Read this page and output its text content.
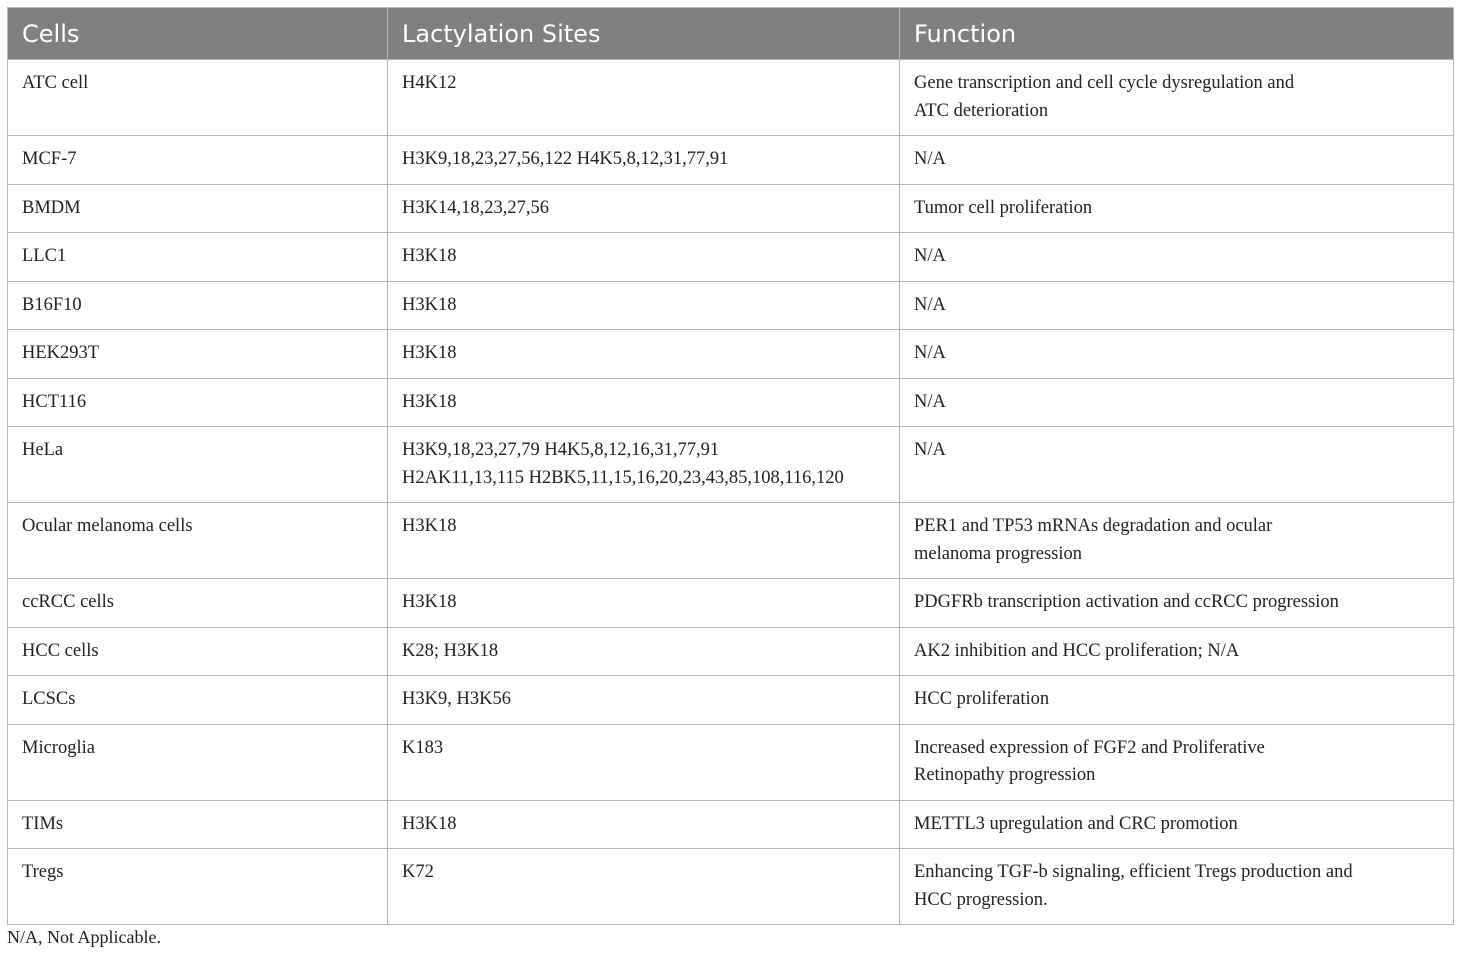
Cells	Lactylation Sites	Function
ATC cell	H4K12	Gene transcription and cell cycle dysregulation and
ATC deterioration

MCF-7	H3K9,18,23,27,56,122 H4K5,8,12,31,77,91	N/A

BMDM	H3K14,18,23,27,56	Tumor cell proliferation

LLC1	H3K18	N/A

B16F10	H3K18	N/A

HEK293T	H3K18	N/A

HCT116	H3K18	N/A

HeLa	H3K9,18,23,27,79 H4K5,8,12,16,31,77,91
H2AK11,13,115 H2BK5,11,15,16,20,23,43,85,108,116,120	N/A

Ocular melanoma cells	H3K18	PER1 and TP53 mRNAs degradation and ocular
melanoma progression

ccRCC cells	H3K18	PDGFRb transcription activation and ccRCC progression

HCC cells	K28; H3K18	AK2 inhibition and HCC proliferation; N/A

LCSCs	H3K9, H3K56	HCC proliferation

Microglia	K183	Increased expression of FGF2 and Proliferative
Retinopathy progression

TIMs	H3K18	METTL3 upregulation and CRC promotion

Tregs	K72	Enhancing TGF-b signaling, efficient Tregs production and
HCC progression.
N/A, Not Applicable.
